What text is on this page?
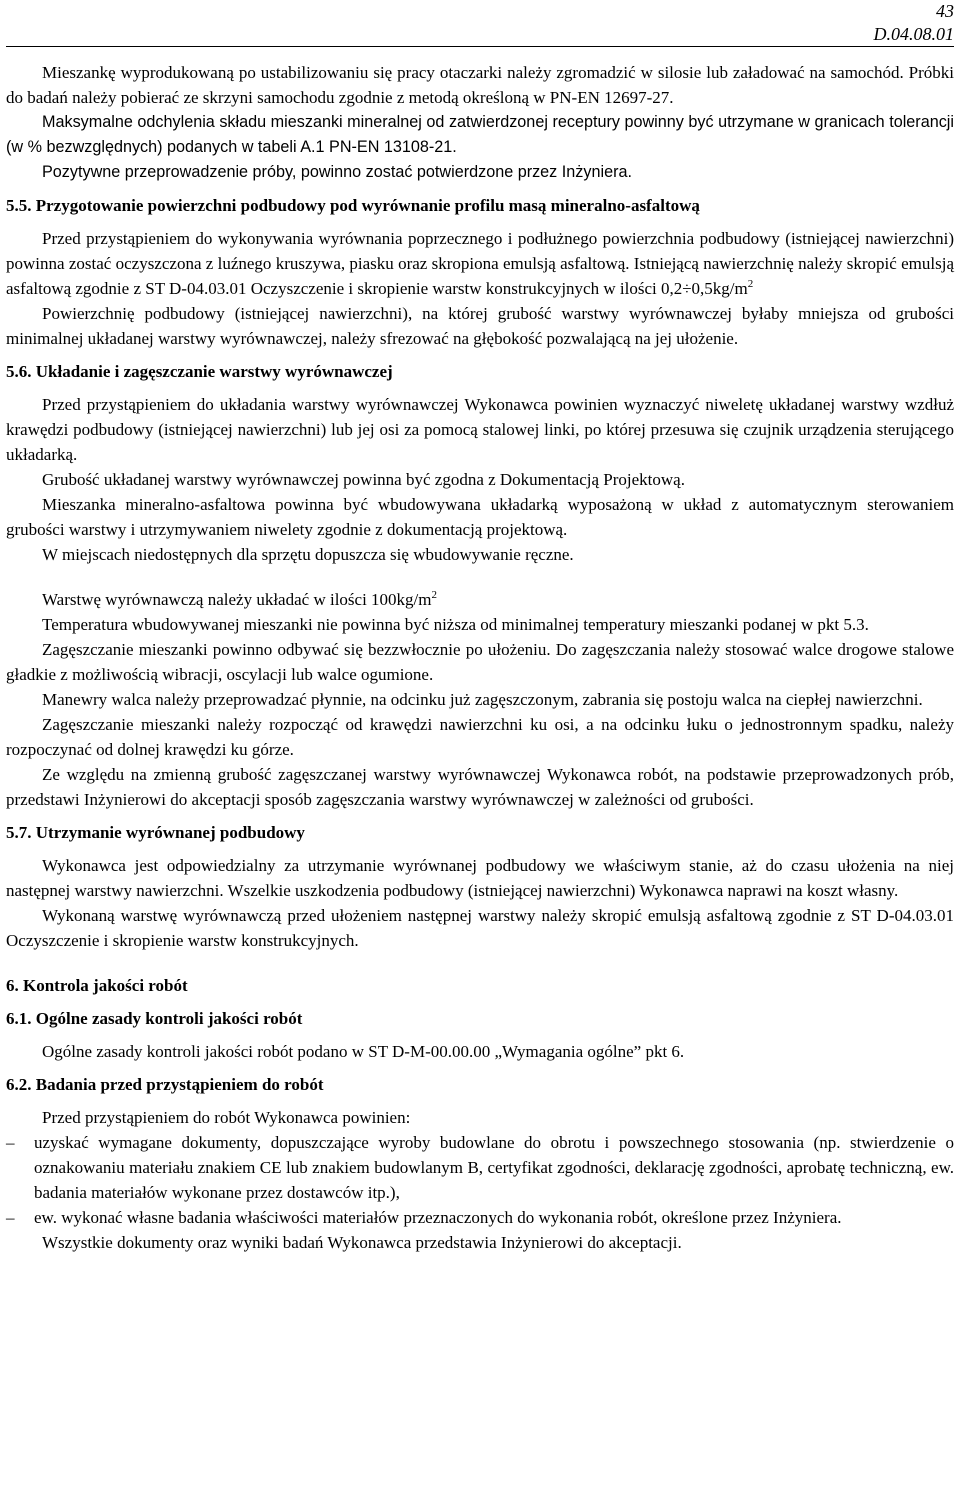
43
D.04.08.01

Mieszankę wyprodukowaną po ustabilizowaniu się pracy otaczarki należy zgromadzić w silosie lub załadować na samochód. Próbki do badań należy pobierać ze skrzyni samochodu zgodnie z metodą określoną w PN-EN 12697-27.

Maksymalne odchylenia składu mieszanki mineralnej od zatwierdzonej receptury powinny być utrzymane w granicach tolerancji (w % bezwzględnych) podanych w tabeli A.1 PN-EN 13108-21.

Pozytywne przeprowadzenie próby, powinno zostać potwierdzone przez Inżyniera.

5.5. Przygotowanie powierzchni podbudowy pod wyrównanie profilu masą mineralno-asfaltową

Przed przystąpieniem do wykonywania wyrównania poprzecznego i podłużnego powierzchnia podbudowy (istniejącej nawierzchni) powinna zostać oczyszczona z luźnego kruszywa, piasku oraz skropiona emulsją asfaltową. Istniejącą nawierzchnię należy skropić emulsją asfaltową zgodnie z ST D-04.03.01 Oczyszczenie i skropienie warstw konstrukcyjnych w ilości $0,2\div 0,5kg/m^2$

Powierzchnię podbudowy (istniejącej nawierzchni), na której grubość warstwy wyrównawczej byłaby mniejsza od grubości minimalnej układanej warstwy wyrównawczej, należy sfrezować na głębokość pozwalającą na jej ułożenie.

5.6. Układanie i zagęszczanie warstwy wyrównawczej

Przed przystąpieniem do układania warstwy wyrównawczej Wykonawca powinien wyznaczyć niweletę układanej warstwy wzdłuż krawędzi podbudowy (istniejącej nawierzchni) lub jej osi za pomocą stalowej linki, po której przesuwa się czujnik urządzenia sterującego układarką.

Grubość układanej warstwy wyrównawczej powinna być zgodna z Dokumentacją Projektową.

Mieszanka mineralno-asfaltowa powinna być wbudowywana układarką wyposażoną w układ z automatycznym sterowaniem grubości warstwy i utrzymywaniem niwelety zgodnie z dokumentacją projektową.

W miejscach niedostępnych dla sprzętu dopuszcza się wbudowywanie ręczne.

Warstwę wyrównawczą należy układać w ilości $100kg/m^2$

Temperatura wbudowywanej mieszanki nie powinna być niższa od minimalnej temperatury mieszanki podanej w pkt 5.3.

Zagęszczanie mieszanki powinno odbywać się bezzwłocznie po ułożeniu. Do zagęszczania należy stosować walce drogowe stalowe gładkie z możliwością wibracji, oscylacji lub walce ogumione.

Manewry walca należy przeprowadzać płynnie, na odcinku już zagęszczonym, zabrania się postoju walca na ciepłej nawierzchni.

Zagęszczanie mieszanki należy rozpocząć od krawędzi nawierzchni ku osi, a na odcinku łuku o jednostronnym spadku, należy rozpoczynać od dolnej krawędzi ku górze.

Ze względu na zmienną grubość zagęszczanej warstwy wyrównawczej Wykonawca robót, na podstawie przeprowadzonych prób, przedstawi Inżynierowi do akceptacji sposób zagęszczania warstwy wyrównawczej w zależności od grubości.

5.7. Utrzymanie wyrównanej podbudowy

Wykonawca jest odpowiedzialny za utrzymanie wyrównanej podbudowy we właściwym stanie, aż do czasu ułożenia na niej następnej warstwy nawierzchni. Wszelkie uszkodzenia podbudowy (istniejącej nawierzchni) Wykonawca naprawi na koszt własny.

Wykonaną warstwę wyrównawczą przed ułożeniem następnej warstwy należy skropić emulsją asfaltową zgodnie z ST D-04.03.01 Oczyszczenie i skropienie warstw konstrukcyjnych.

6. Kontrola jakości robót

6.1. Ogólne zasady kontroli jakości robót

Ogólne zasady kontroli jakości robót podano w ST D-M-00.00.00 „Wymagania ogólne” pkt 6.

6.2. Badania przed przystąpieniem do robót

Przed przystąpieniem do robót Wykonawca powinien:

– uzyskać wymagane dokumenty, dopuszczające wyroby budowlane do obrotu i powszechnego stosowania (np. stwierdzenie o oznakowaniu materiału znakiem CE lub znakiem budowlanym B, certyfikat zgodności, deklarację zgodności, aprobatę techniczną, ew. badania materiałów wykonane przez dostawców itp.),
– ew. wykonać własne badania właściwości materiałów przeznaczonych do wykonania robót, określone przez Inżyniera.

Wszystkie dokumenty oraz wyniki badań Wykonawca przedstawia Inżynierowi do akceptacji.
